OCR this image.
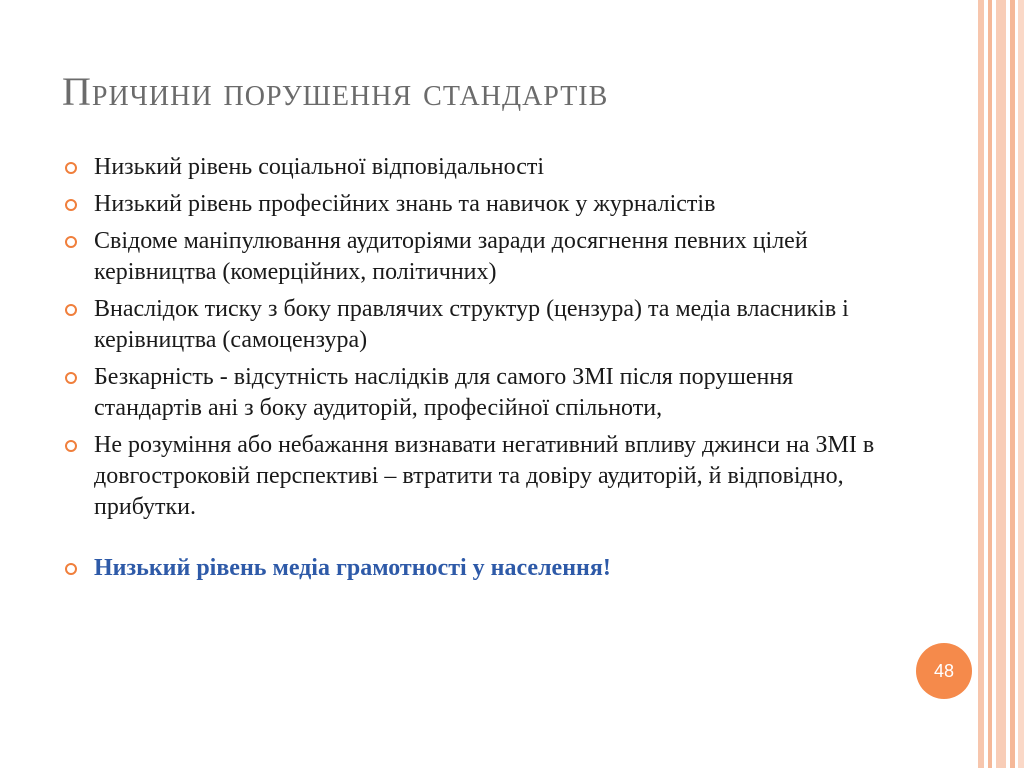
Причини порушення стандартів
Низький рівень соціальної відповідальності
Низький рівень професійних знань та навичок у журналістів
Свідоме маніпулювання аудиторіями заради досягнення певних цілей керівництва (комерційних, політичних)
Внаслідок тиску з боку правлячих структур (цензура) та медіа власників і керівництва (самоцензура)
Безкарність - відсутність наслідків для самого ЗМІ після порушення стандартів ані з боку аудиторій, професійної спільноти,
Не розуміння або небажання визнавати негативний впливу джинси на ЗМІ в довгостроковій перспективі – втратити та довіру аудиторій, й відповідно, прибутки.
Низький рівень медіа грамотності у населення!
48
